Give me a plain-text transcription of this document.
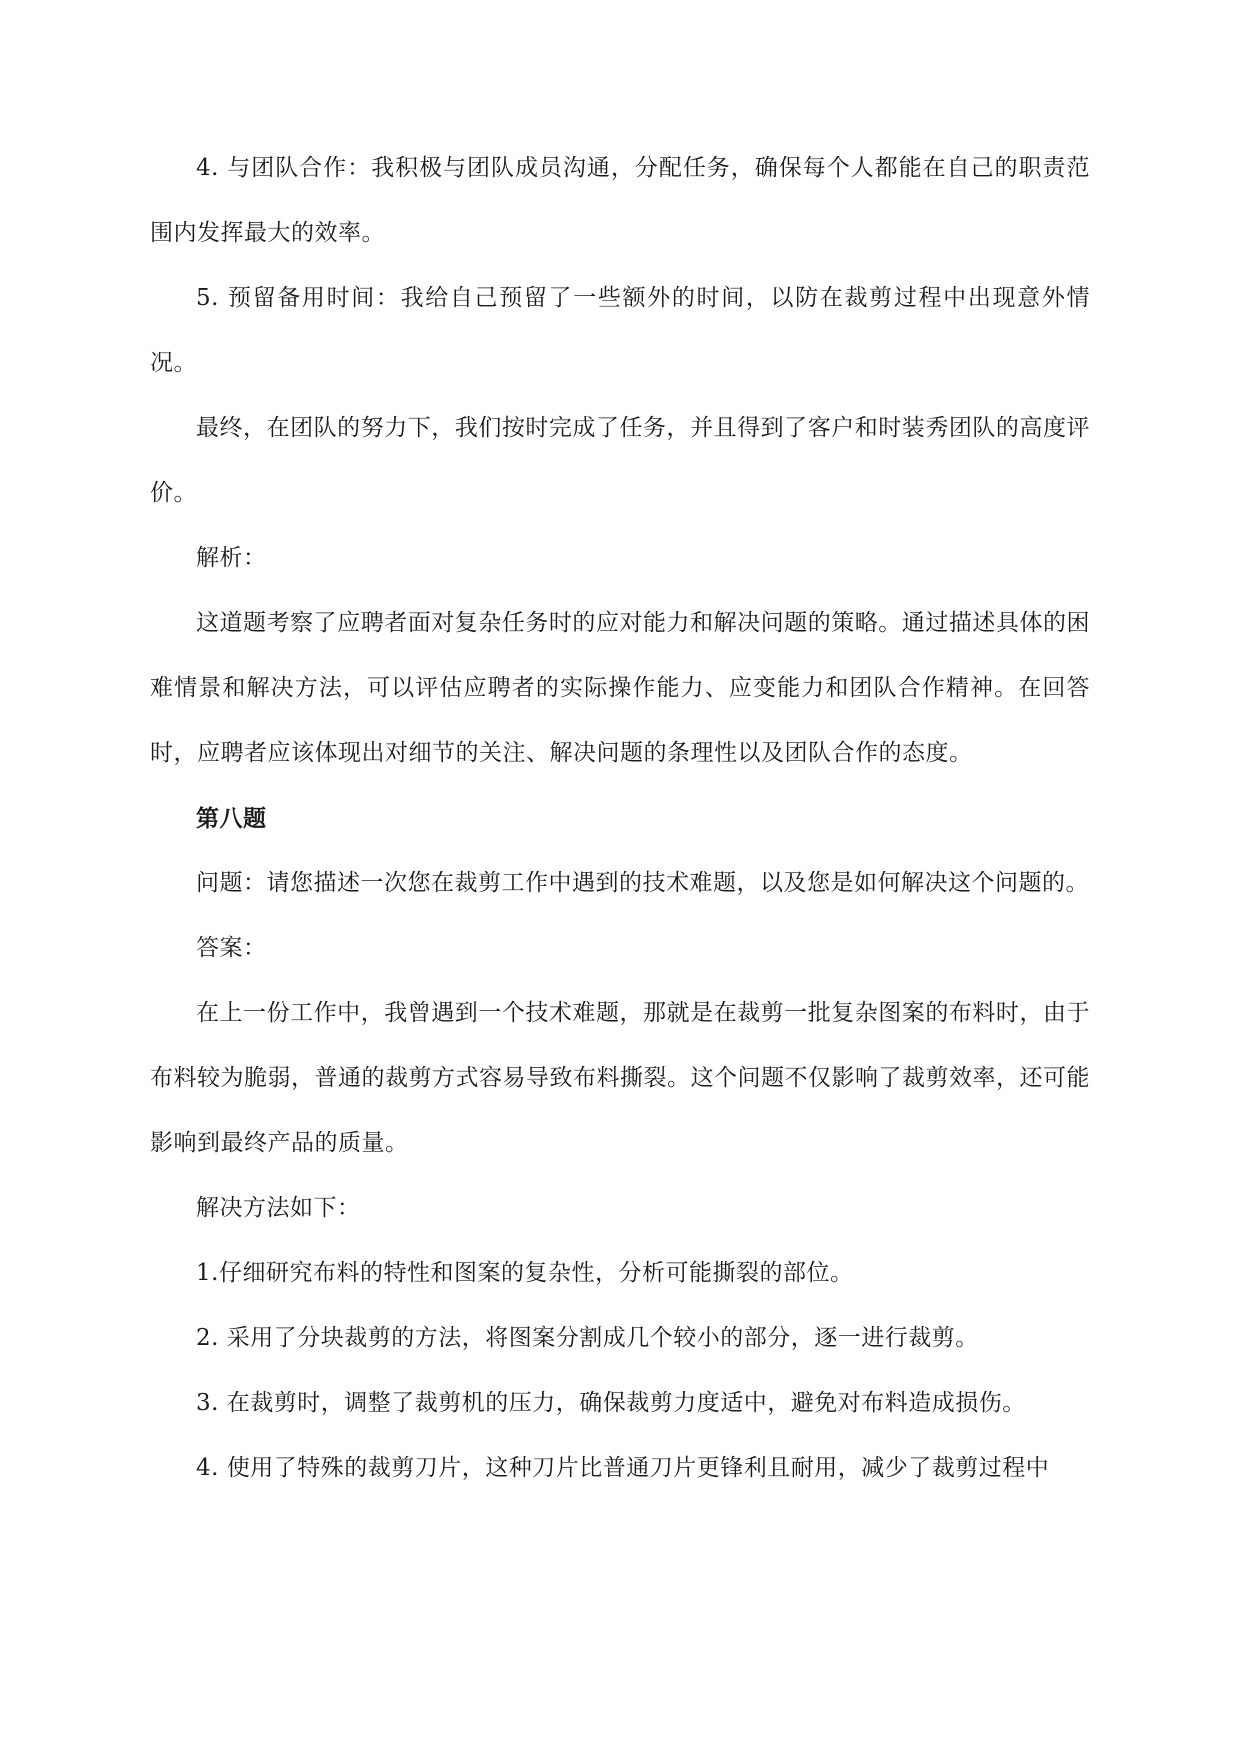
4. 与团队合作：我积极与团队成员沟通，分配任务，确保每个人都能在自己的职责范围内发挥最大的效率。

5. 预留备用时间：我给自己预留了一些额外的时间，以防在裁剪过程中出现意外情况。

最终，在团队的努力下，我们按时完成了任务，并且得到了客户和时装秀团队的高度评价。

解析：

这道题考察了应聘者面对复杂任务时的应对能力和解决问题的策略。通过描述具体的困难情景和解决方法，可以评估应聘者的实际操作能力、应变能力和团队合作精神。在回答时，应聘者应该体现出对细节的关注、解决问题的条理性以及团队合作的态度。

第八题

问题：请您描述一次您在裁剪工作中遇到的技术难题，以及您是如何解决这个问题的。

答案：

在上一份工作中，我曾遇到一个技术难题，那就是在裁剪一批复杂图案的布料时，由于布料较为脆弱，普通的裁剪方式容易导致布料撕裂。这个问题不仅影响了裁剪效率，还可能影响到最终产品的质量。

解决方法如下：

1.仔细研究布料的特性和图案的复杂性，分析可能撕裂的部位。

2. 采用了分块裁剪的方法，将图案分割成几个较小的部分，逐一进行裁剪。

3. 在裁剪时，调整了裁剪机的压力，确保裁剪力度适中，避免对布料造成损伤。

4. 使用了特殊的裁剪刀片，这种刀片比普通刀片更锋利且耐用，减少了裁剪过程中
